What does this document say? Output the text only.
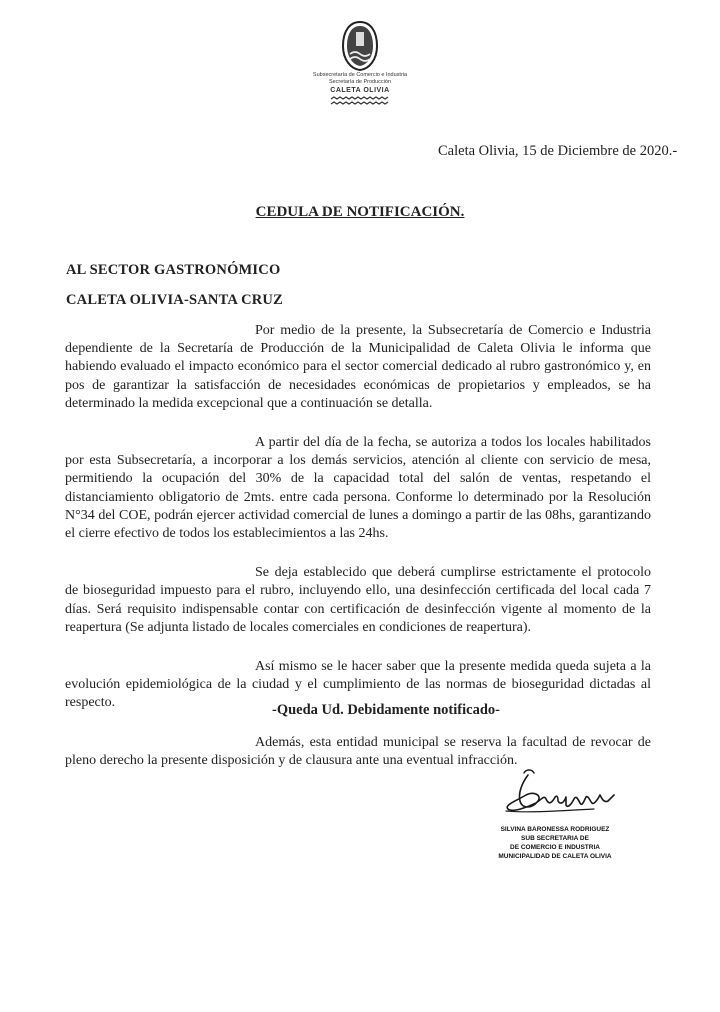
Subsecretaría de Comercio e Industria
Secretaría de Producción
CALETA OLIVIA
Caleta Olivia, 15 de Diciembre de 2020.-
CEDULA DE NOTIFICACIÓN.
AL SECTOR GASTRONÓMICO
CALETA OLIVIA-SANTA CRUZ

Por medio de la presente, la Subsecretaría de Comercio e Industria dependiente de la Secretaría de Producción de la Municipalidad de Caleta Olivia le informa que habiendo evaluado el impacto económico para el sector comercial dedicado al rubro gastronómico y, en pos de garantizar la satisfacción de necesidades económicas de propietarios y empleados, se ha determinado la medida excepcional que a continuación se detalla.

A partir del día de la fecha, se autoriza a todos los locales habilitados por esta Subsecretaría, a incorporar a los demás servicios, atención al cliente con servicio de mesa, permitiendo la ocupación del 30% de la capacidad total del salón de ventas, respetando el distanciamiento obligatorio de 2mts. entre cada persona. Conforme lo determinado por la Resolución N°34 del COE, podrán ejercer actividad comercial de lunes a domingo a partir de las 08hs, garantizando el cierre efectivo de todos los establecimientos a las 24hs.

Se deja establecido que deberá cumplirse estrictamente el protocolo de bioseguridad impuesto para el rubro, incluyendo ello, una desinfección certificada del local cada 7 días. Será requisito indispensable contar con certificación de desinfección vigente al momento de la reapertura (Se adjunta listado de locales comerciales en condiciones de reapertura).

Así mismo se le hacer saber que la presente medida queda sujeta a la evolución epidemiológica de la ciudad y el cumplimiento de las normas de bioseguridad dictadas al respecto.

Además, esta entidad municipal se reserva la facultad de revocar de pleno derecho la presente disposición y de clausura ante una eventual infracción.

-Queda Ud. Debidamente notificado-
SILVINA BARONESSA RODRIGUEZ
SUB SECRETARIA DE
DE COMERCIO E INDUSTRIA
MUNICIPALIDAD DE CALETA OLIVIA
